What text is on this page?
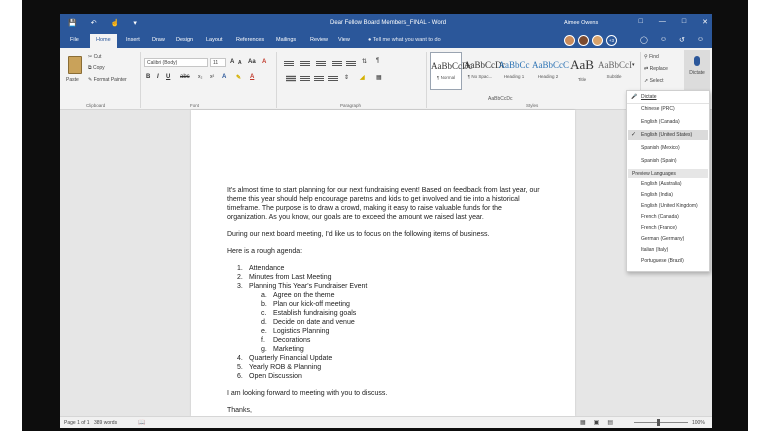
💾 ↶ ☝ ▾	Dear Fellow Board Members_FINAL - Word	Aimee Owens	□ — □ ✕
File	Home	Insert Draw Design Layout References Mailings	Review View	● Tell me what you want to do	+3	◯ ☺ ↺ ☺
Paste
✂ Cut
⧉ Copy
✎ Format Painter
Clipboard
Calibri (Body)	11	A A Aa A
B I U abc x₂ x² A ✎ A
Font
⇅ ¶
⇕ ◢ ▦
Paragraph
AaBbCcDc
¶ Normal
AaBbCcDc
¶ No Spac...
AaBbCc
Heading 1
AaBbCcC
Heading 2
AaB
Title
AaBbCcI
Subtitle
▾
AaBbCcDc
Styles
⚲ Find
⇄ Replace
➚ Select
Dictate

It's almost time to start planning for our next fundraising event! Based on feedback from last year, our theme this year should help encourage paretns and kids to get involved and tie into a historical timeframe. The purpose is to draw a crowd, making it easy to raise valuable funds for the organization. As you know, our goals are to exceed the amount we raised last year.

During our next board meeting, I'd like us to focus on the following items of business.

Here is a rough agenda:

1. Attendance
2. Minutes from Last Meeting
3. Planning This Year's Fundraiser Event
a. Agree on the theme
b. Plan our kick-off meeting
c. Establish fundraising goals
d. Decide on date and venue
e. Logistics Planning
f.	Decorations
g. Marketing
4. Quarterly Financial Update
5. Yearly ROB & Planning
6. Open Discussion

I am looking forward to meeting with you to discuss.

Thanks,

🎤 Dictate
Chinese (PRC)
English (Canada)
✓ English (United States)
Spanish (Mexico)
Spanish (Spain)
Preview Languages
English (Australia)
English (India)
English (United Kingdom)
French (Canada)
French (France)
German (Germany)
Italian (Italy)
Portuguese (Brazil)
Page 1 of 1 389 words	📖	▦ ▣ ▤	100%
